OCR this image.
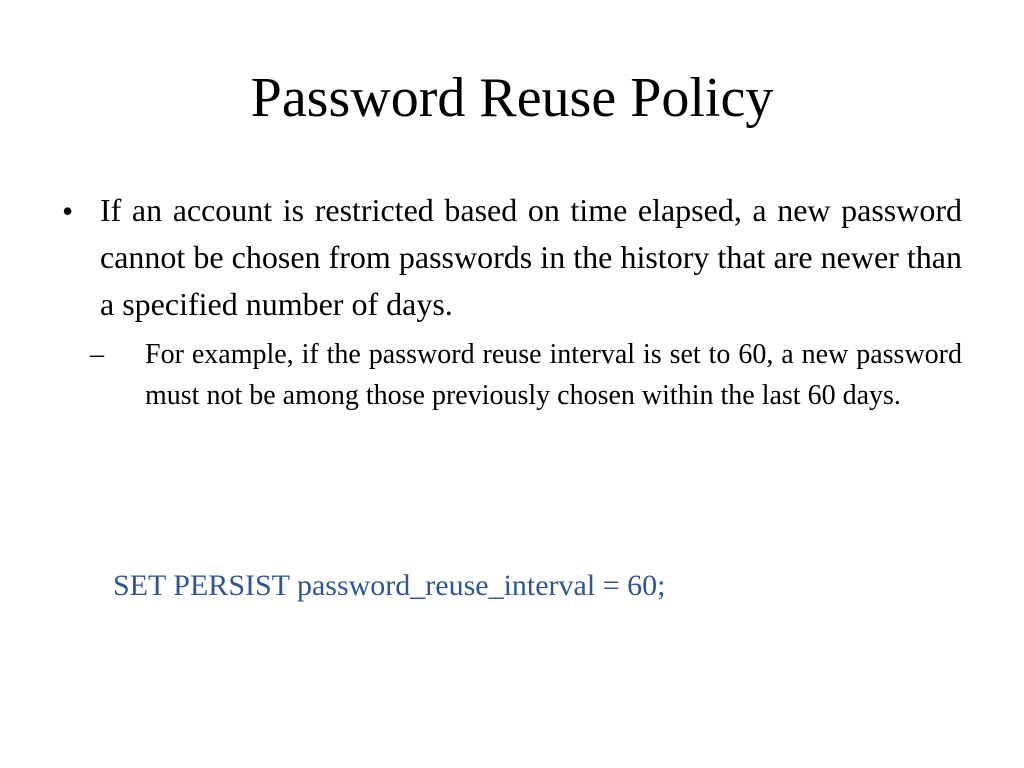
Password Reuse Policy
• If an account is restricted based on time elapsed, a new password cannot be chosen from passwords in the history that are newer than a specified number of days.

– For example, if the password reuse interval is set to 60, a new password must not be among those previously chosen within the last 60 days.

SET PERSIST password_reuse_interval = 60;
